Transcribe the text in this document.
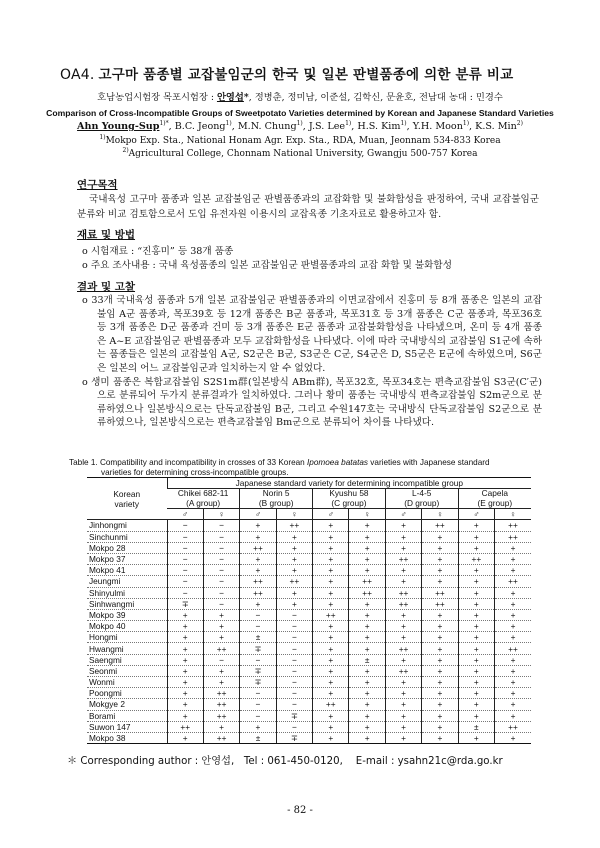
OA4. 고구마 품종별 교잡불임군의 한국 및 일본 판별품종에 의한 분류 비교
호남농업시험장 목포시험장 : 안영섭*, 정병춘, 정미남, 이준설, 김학신, 문윤호, 전남대 농대 : 민경수
Comparison of Cross-Incompatible Groups of Sweetpotato Varieties determined by Korean and Japanese Standard Varieties
Ahn Young-Sup$^{1)*}$, B.C. Jeong$^{1)}$, M.N. Chung$^{1)}$, J.S. Lee$^{1)}$, H.S. Kim$^{1)}$, Y.H. Moon$^{1)}$, K.S. Min$^{2)}$
$^{1)}$Mokpo Exp. Sta., National Honam Agr. Exp. Sta., RDA, Muan, Jeonnam 534-833 Korea
$^{2)}$Agricultural College, Chonnam National University, Gwangju 500-757 Korea
연구목적

국내육성 고구마 품종과 일본 교잡불임군 판별품종과의 교잡화합 및 불화합성을 판정하여, 국내 교잡불임군 분류와 비교 검토함으로서 도입 유전자원 이용시의 교잡육종 기초자료로 활용하고자 함.

재료 및 방법
o 시험재료 : “진홍미” 등 38개 품종
o 주요 조사내용 : 국내 육성품종의 일본 교잡불임군 판별품종과의 교잡 화합 및 불화합성
결과 및 고찰

o 33개 국내육성 품종과 5개 일본 교잡불임군 판별품종과의 이면교잡에서 진홍미 등 8개 품종은 일본의 교잡불임 A군 품종과, 목포39호 등 12개 품종은 B군 품종과, 목포31호 등 3개 품종은 C군 품종과, 목포36호 등 3개 품종은 D군 품종과 건미 등 3개 품종은 E군 품종과 교잡불화합성을 나타냈으며, 온미 등 4개 품종은 A~E 교잡불임군 판별품종과 모두 교잡화합성을 나타냈다. 이에 따라 국내방식의 교잡불임 S1군에 속하는 품종들은 일본의 교잡불임 A군, S2군은 B군, S3군은 C군, S4군은 D, S5군은 E군에 속하였으며, S6군은 일본의 어느 교잡불임군과 일치하는지 알 수 없었다.

o 생미 품종은 복합교잡불임 S2S1m群(일본방식 ABm群), 목포32호, 목포34호는 편측교잡불임 S3군(C′군)으로 분류되어 두가지 분류결과가 일치하였다. 그러나 황미 품종는 국내방식 편측교잡불임 S2m군으로 분류하였으나 일본방식으로는 단독교잡불임 B군, 그리고 수원147호는 국내방식 단독교잡불임 S2군으로 분류하였으나, 일본방식으로는 편측교잡불임 Bm군으로 분류되어 차이를 나타냈다.

Table 1. Compatibility and incompatibility in crosses of 33 Korean Ipomoea batatas varieties with Japanese standard
varieties for determining cross-incompatible groups.
Korean
variety	Japanese standard variety for determining incompatible group									
	Chikei 682-11
(A group)		Norin 5
(B group)		Kyushu 58
(C group)		L-4-5
(D group)		Capela
(E group)	
	♂	♀	♂	♀	♂	♀	♂	♀	♂	♀
Jinhongmi	−	−	+	++	+	+	+	++	+	++
Sinchunmi	−	−	+	+	+	+	+	+	+	++
Mokpo 28	−	−	++	+	+	+	+	+	+	+
Mokpo 37	−	−	+	+	+	+	++	+	++	+
Mokpo 41	−	−	+	+	+	+	+	+	+	+
Jeungmi	−	−	++	++	+	++	+	+	+	++
Shinyulmi	−	−	++	+	+	++	++	++	+	+
Sinhwangmi	∓	−	+	+	+	+	++	++	+	+
Mokpo 39	+	+	−	−	++	+	+	+	+	+
Mokpo 40	+	+	−	−	+	+	+	+	+	+
Hongmi	+	+	±	−	+	+	+	+	+	+
Hwangmi	+	++	∓	−	+	+	++	+	+	++
Saengmi	+	−	−	−	+	±	+	+	+	+
Seonmi	+	+	∓	−	+	+	++	+	+	+
Wonmi	+	+	∓	−	+	+	+	+	+	+
Poongmi	+	++	−	−	+	+	+	+	+	+
Mokgye 2	+	++	−	−	++	+	+	+	+	+
Borami	+	++	−	∓	+	+	+	+	+	+
Suwon 147	++	+	+	−	+	+	+	+	±	++
Mokpo 38	+	++	±	∓	+	+	+	+	+	+
＊ Corresponding author : 안영섭, Tel : 061-450-0120, E-mail : ysahn21c@rda.go.kr
- 82 -
